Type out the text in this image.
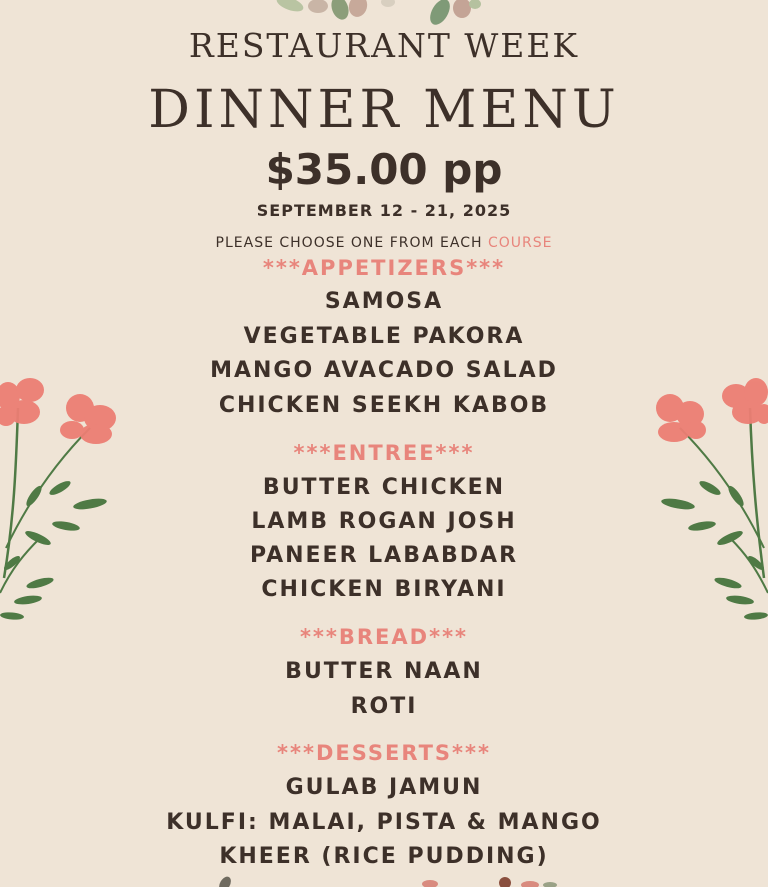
RESTAURANT WEEK
DINNER MENU
$35.00 pp
SEPTEMBER 12 - 21, 2025
PLEASE CHOOSE ONE FROM EACH COURSE
***APPETIZERS***
SAMOSA
VEGETABLE PAKORA
MANGO AVACADO SALAD
CHICKEN SEEKH KABOB
***ENTREE***
BUTTER CHICKEN
LAMB ROGAN JOSH
PANEER LABABDAR
CHICKEN BIRYANI
***BREAD***
BUTTER NAAN
ROTI
***DESSERTS***
GULAB JAMUN
KULFI: MALAI, PISTA & MANGO
KHEER (RICE PUDDING)
